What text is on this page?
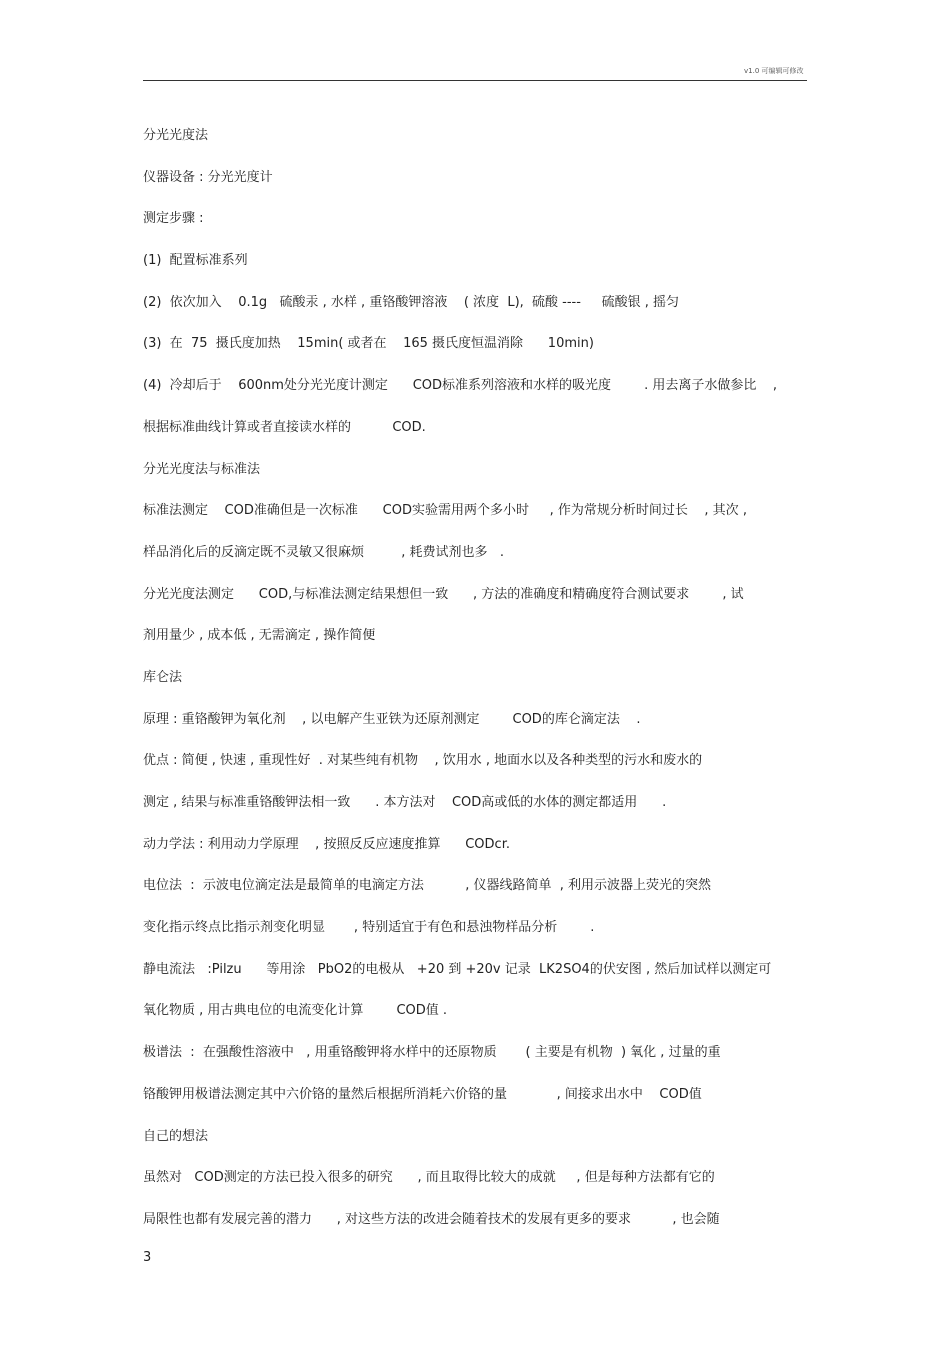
v1.0 可编辑可修改
分光光度法
仪器设备 : 分光光度计
测定步骤 :
(1)  配置标准系列
(2)  依次加入    0.1g   硫酸汞 , 水样 , 重铬酸钾溶液    ( 浓度  L),  硫酸 ----     硫酸银 , 摇匀
(3)  在  75  摄氏度加热    15min( 或者在    165 摄氏度恒温消除      10min)
(4)  冷却后于    600nm处分光光度计测定      COD标准系列溶液和水样的吸光度        . 用去离子水做参比    ,
根据标准曲线计算或者直接读水样的          COD.
分光光度法与标准法
标准法测定    COD准确但是一次标准      COD实验需用两个多小时     , 作为常规分析时间过长    , 其次 ,
样品消化后的反滴定既不灵敏又很麻烦         , 耗费试剂也多   .
分光光度法测定      COD,与标准法测定结果想但一致      , 方法的准确度和精确度符合测试要求        , 试
剂用量少 , 成本低 , 无需滴定 , 操作简便
库仑法
原理 : 重铬酸钾为氧化剂    , 以电解产生亚铁为还原剂测定        COD的库仑滴定法    .
优点 : 简便 , 快速 , 重现性好  . 对某些纯有机物    , 饮用水 , 地面水以及各种类型的污水和废水的
测定 , 结果与标准重铬酸钾法相一致      . 本方法对    COD高或低的水体的测定都适用      .
动力学法 : 利用动力学原理    , 按照反反应速度推算      CODcr.
电位法  :  示波电位滴定法是最简单的电滴定方法          , 仪器线路简单  , 利用示波器上荧光的突然
变化指示终点比指示剂变化明显       , 特别适宜于有色和悬浊物样品分析        .
静电流法   :Pilzu      等用涂   PbO2的电极从   +20 到 +20v 记录  LK2SO4的伏安图 , 然后加试样以测定可
氧化物质 , 用古典电位的电流变化计算        COD值 .
极谱法  :  在强酸性溶液中   , 用重铬酸钾将水样中的还原物质       ( 主要是有机物  ) 氧化 , 过量的重
铬酸钾用极谱法测定其中六价铬的量然后根据所消耗六价铬的量            , 间接求出水中    COD值
自己的想法
虽然对   COD测定的方法已投入很多的研究      , 而且取得比较大的成就     , 但是每种方法都有它的
局限性也都有发展完善的潜力      , 对这些方法的改进会随着技术的发展有更多的要求          , 也会随
3
